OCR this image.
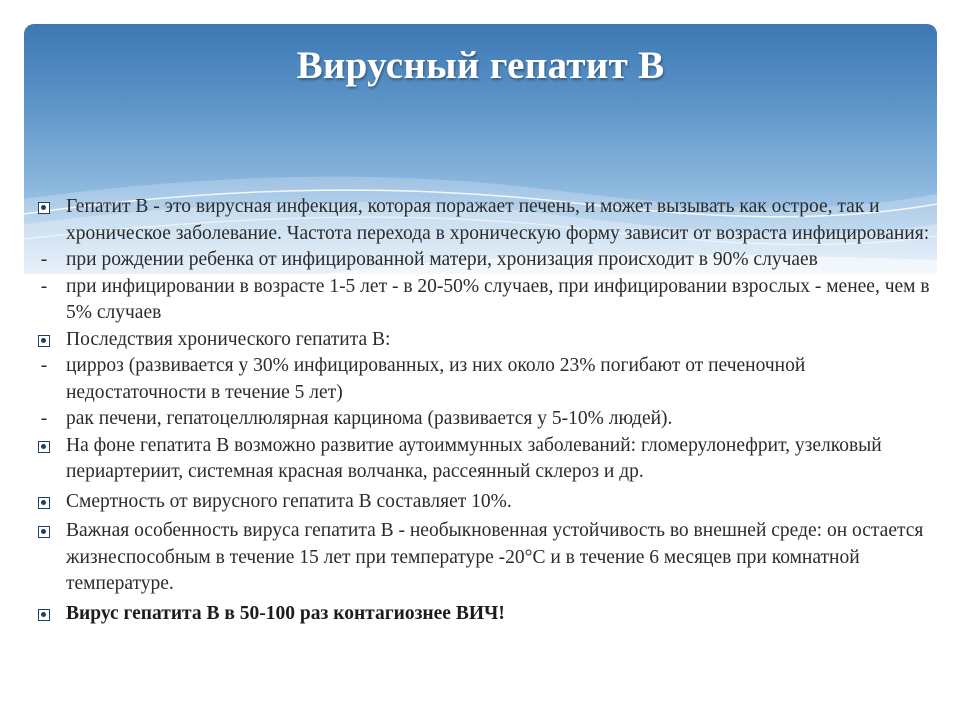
Вирусный гепатит В
Гепатит В - это вирусная инфекция, которая поражает печень, и может вызывать как острое, так и хроническое заболевание. Частота перехода в хроническую форму зависит от возраста инфицирования:
- при рождении ребенка от инфицированной матери, хронизация происходит в 90% случаев
- при инфицировании в возрасте 1-5 лет - в 20-50% случаев, при инфицировании взрослых - менее, чем в 5% случаев
Последствия хронического гепатита В:
- цирроз (развивается у 30% инфицированных, из них около 23% погибают от печеночной недостаточности в течение 5 лет)
- рак печени, гепатоцеллюлярная карцинома (развивается у 5-10% людей).
На фоне гепатита В возможно развитие аутоиммунных заболеваний: гломерулонефрит, узелковый периартериит, системная красная волчанка, рассеянный склероз и др.
Смертность от вирусного гепатита В составляет 10%.
Важная особенность вируса гепатита В - необыкновенная устойчивость во внешней среде: он остается жизнеспособным в течение 15 лет при температуре -20°С и в течение 6 месяцев при комнатной температуре.
Вирус гепатита В в 50-100 раз контагиознее ВИЧ!
